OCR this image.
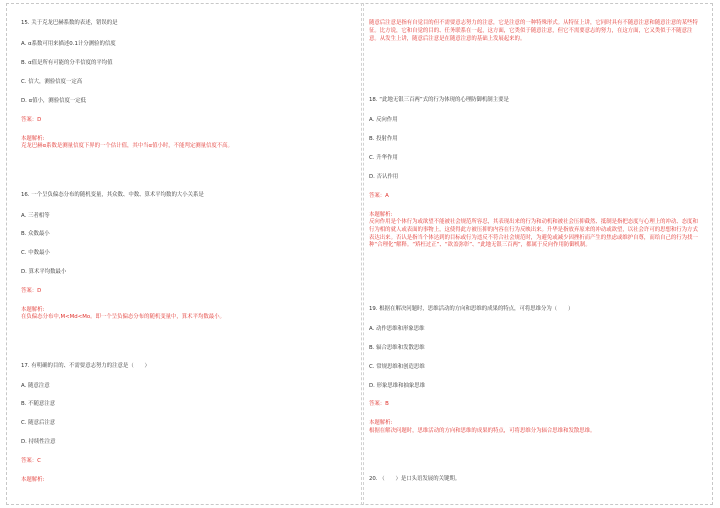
15. 关于克龙巴赫系数的表述，错误的是
A. α系数可用来描述0.1计分测验的信度
B. α值是所有可能的分半信度的平均值
C. 信大，测验信度一定高
D. α值小，测验信度一定低
答案：D
本题解析:
克龙巴赫α系数是测量信度下界的一个估计值，其中当α值小时，不能判定测量信度不高。
16. 一个呈负偏态分布的随机变量，其众数、中数、算术平均数的大小关系是
A. 三者相等
B. 众数最小
C. 中数最小
D. 算术平均数最小
答案：D
本题解析:
在负偏态分布中,M<Md<Mo。即一个呈负偏态分布的随机变量中，算术平均数最小。
17. 有明确的目的、不需要意志努力的注意是（　　）
A. 随意注意
B. 不随意注意
C. 随意后注意
D. 持续性注意
答案：C
本题解析:
随意后注意是指有自觉目的但不需要意志努力的注意，它是注意的一种特殊形式。从特征上讲，它同时具有不随意注意和随意注意的某些特征。比方说，它和自觉的目的、任务联系在一起，这方面，它类似于随意注意，但它不需要意志的努力，在这方面，它又类似于不随意注意。从发生上讲，随意后注意是在随意注意的基础上发展起来的。
18. “此地无银三百两”式的行为体现的心理防御机制主要是
A. 反向作用
B. 投射作用
C. 升华作用
D. 否认作用
答案：A
本题解析:
反向作用是个体行为或欲望不能被社会规范所容忍，其表现出来的行为和动机和被社会压抑截然、抵制是指把态度与心理上的冲动、态度和行为相的就人或表面的事物上，这使得此方被压抑的内容在行为反映出来。升华是指放弃原来的冲动或欲望，以社会许可的思想和行为方式表达出来。否认是指当个体达到的目标或行为违反不符合社会规范时，为避免或减少因挫折而产生的焦虑或维护自尊，而给自己的行为找一种“合理化”解释。“矫枉过正”、“欲盖弥彰”、“此地无银三百两”，都属于反向作用防御机制。
19. 根据在解决问题时，思维活动的方向和思维的成果的特点，可将思维分为（　　）
A. 动作思维和形象思维
B. 辐合思维和发散思维
C. 常规思维和创造思维
D. 形象思维和抽象思维
答案：B
本题解析:
根据在解决问题时，思维活动的方向和思维的成果的特点，可将思维分为辐合思维和发散思维。
20. （　　）是口头语发展的关键期。
